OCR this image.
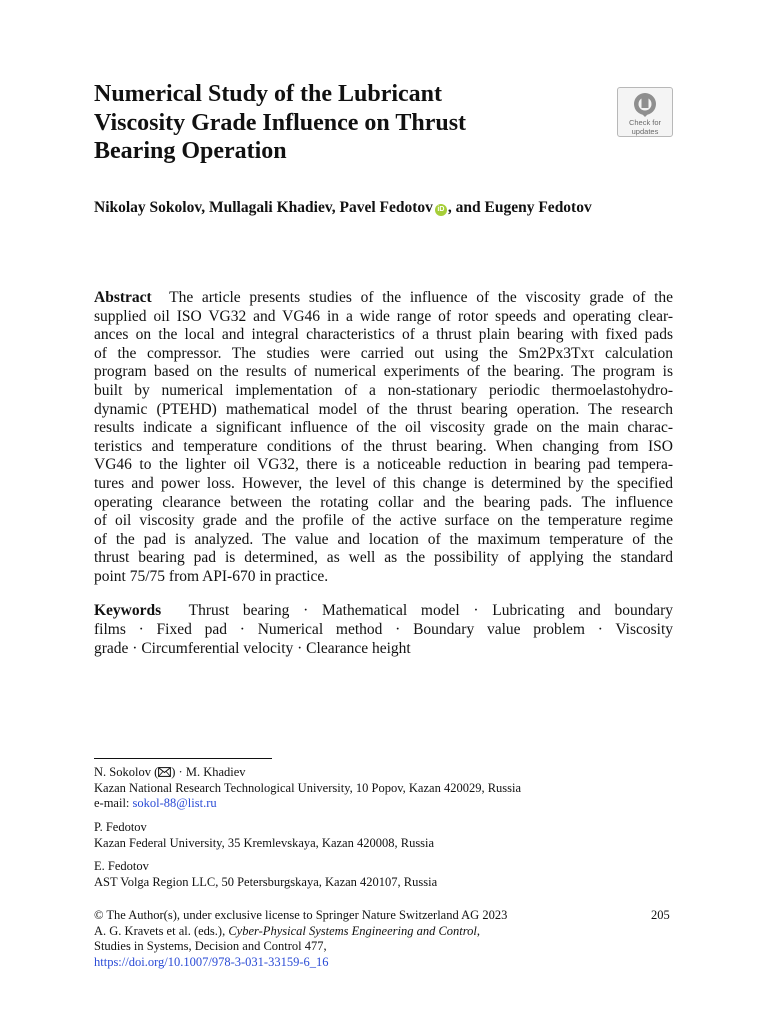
Numerical Study of the Lubricant
Viscosity Grade Influence on Thrust
Bearing Operation
Check for
updates
Nikolay Sokolov, Mullagali Khadiev, Pavel Fedotov iD , and Eugeny Fedotov
Abstract The article presents studies of the influence of the viscosity grade of the
supplied oil ISO VG32 and VG46 in a wide range of rotor speeds and operating clear-
ances on the local and integral characteristics of a thrust plain bearing with fixed pads
of the compressor. The studies were carried out using the Sm2Px3Txτ calculation
program based on the results of numerical experiments of the bearing. The program is
built by numerical implementation of a non-stationary periodic thermoelastohydro-
dynamic (PTEHD) mathematical model of the thrust bearing operation. The research
results indicate a significant influence of the oil viscosity grade on the main charac-
teristics and temperature conditions of the thrust bearing. When changing from ISO
VG46 to the lighter oil VG32, there is a noticeable reduction in bearing pad tempera-
tures and power loss. However, the level of this change is determined by the specified
operating clearance between the rotating collar and the bearing pads. The influence
of oil viscosity grade and the profile of the active surface on the temperature regime
of the pad is analyzed. The value and location of the maximum temperature of the
thrust bearing pad is determined, as well as the possibility of applying the standard
point 75/75 from API-670 in practice.
Keywords Thrust bearing · Mathematical model · Lubricating and boundary
films · Fixed pad · Numerical method · Boundary value problem · Viscosity
grade · Circumferential velocity · Clearance height
N. Sokolov ( ) · M. Khadiev
Kazan National Research Technological University, 10 Popov, Kazan 420029, Russia
e-mail: sokol-88@list.ru
P. Fedotov
Kazan Federal University, 35 Kremlevskaya, Kazan 420008, Russia
E. Fedotov
AST Volga Region LLC, 50 Petersburgskaya, Kazan 420107, Russia
© The Author(s), under exclusive license to Springer Nature Switzerland AG 2023
A. G. Kravets et al. (eds.), Cyber-Physical Systems Engineering and Control,
Studies in Systems, Decision and Control 477,
https://doi.org/10.1007/978-3-031-33159-6_16
205
